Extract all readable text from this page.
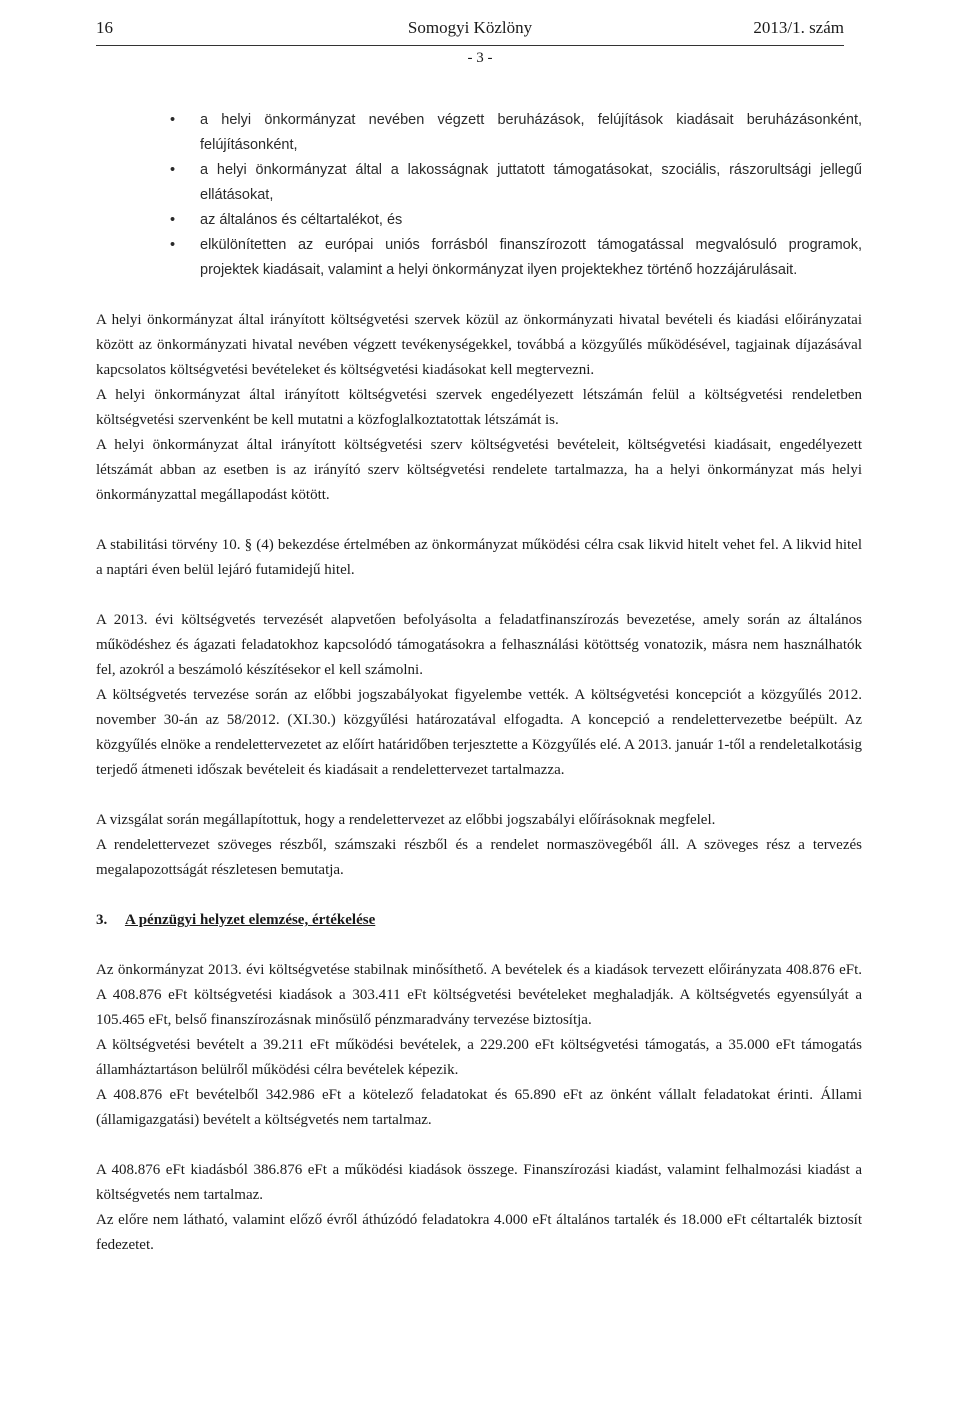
16	Somogyi Közlöny	2013/1. szám
- 3 -
• a helyi önkormányzat nevében végzett beruházások, felújítások kiadásait beruházásonként, felújításonként,
• a helyi önkormányzat által a lakosságnak juttatott támogatásokat, szociális, rászorultsági jellegű ellátásokat,
• az általános és céltartalékot, és
• elkülönítetten az európai uniós forrásból finanszírozott támogatással megvalósuló programok, projektek kiadásait, valamint a helyi önkormányzat ilyen projektekhez történő hozzájárulásait.

A helyi önkormányzat által irányított költségvetési szervek közül az önkormányzati hivatal bevételi és kiadási előirányzatai között az önkormányzati hivatal nevében végzett tevékenységekkel, továbbá a közgyűlés működésével, tagjainak díjazásával kapcsolatos költségvetési bevételeket és költségvetési kiadásokat kell megtervezni.

A helyi önkormányzat által irányított költségvetési szervek engedélyezett létszámán felül a költségvetési rendeletben költségvetési szervenként be kell mutatni a közfoglalkoztatottak létszámát is.

A helyi önkormányzat által irányított költségvetési szerv költségvetési bevételeit, költségvetési kiadásait, engedélyezett létszámát abban az esetben is az irányító szerv költségvetési rendelete tartalmazza, ha a helyi önkormányzat más helyi önkormányzattal megállapodást kötött.

A stabilitási törvény 10. § (4) bekezdése értelmében az önkormányzat működési célra csak likvid hitelt vehet fel. A likvid hitel a naptári éven belül lejáró futamidejű hitel.

A 2013. évi költségvetés tervezését alapvetően befolyásolta a feladatfinanszírozás bevezetése, amely során az általános működéshez és ágazati feladatokhoz kapcsolódó támogatásokra a felhasználási kötöttség vonatozik, másra nem használhatók fel, azokról a beszámoló készítésekor el kell számolni.

A költségvetés tervezése során az előbbi jogszabályokat figyelembe vették. A költségvetési koncepciót a közgyűlés 2012. november 30-án az 58/2012. (XI.30.) közgyűlési határozatával elfogadta. A koncepció a rendelettervezetbe beépült. Az közgyűlés elnöke a rendelettervezetet az előírt határidőben terjesztette a Közgyűlés elé. A 2013. január 1-től a rendeletalkotásig terjedő átmeneti időszak bevételeit és kiadásait a rendelettervezet tartalmazza.

A vizsgálat során megállapítottuk, hogy a rendelettervezet az előbbi jogszabályi előírásoknak megfelel.

A rendelettervezet szöveges részből, számszaki részből és a rendelet normaszövegéből áll. A szöveges rész a tervezés megalapozottságát részletesen bemutatja.

3. A pénzügyi helyzet elemzése, értékelése

Az önkormányzat 2013. évi költségvetése stabilnak minősíthető. A bevételek és a kiadások tervezett előirányzata 408.876 eFt. A 408.876 eFt költségvetési kiadások a 303.411 eFt költségvetési bevételeket meghaladják. A költségvetés egyensúlyát a 105.465 eFt, belső finanszírozásnak minősülő pénzmaradvány tervezése biztosítja.

A költségvetési bevételt a 39.211 eFt működési bevételek, a 229.200 eFt költségvetési támogatás, a 35.000 eFt támogatás államháztartáson belülről működési célra bevételek képezik.

A 408.876 eFt bevételből 342.986 eFt a kötelező feladatokat és 65.890 eFt az önként vállalt feladatokat érinti. Állami (államigazgatási) bevételt a költségvetés nem tartalmaz.

A 408.876 eFt kiadásból 386.876 eFt a működési kiadások összege. Finanszírozási kiadást, valamint felhalmozási kiadást a költségvetés nem tartalmaz.

Az előre nem látható, valamint előző évről áthúzódó feladatokra 4.000 eFt általános tartalék és 18.000 eFt céltartalék biztosít fedezetet.
